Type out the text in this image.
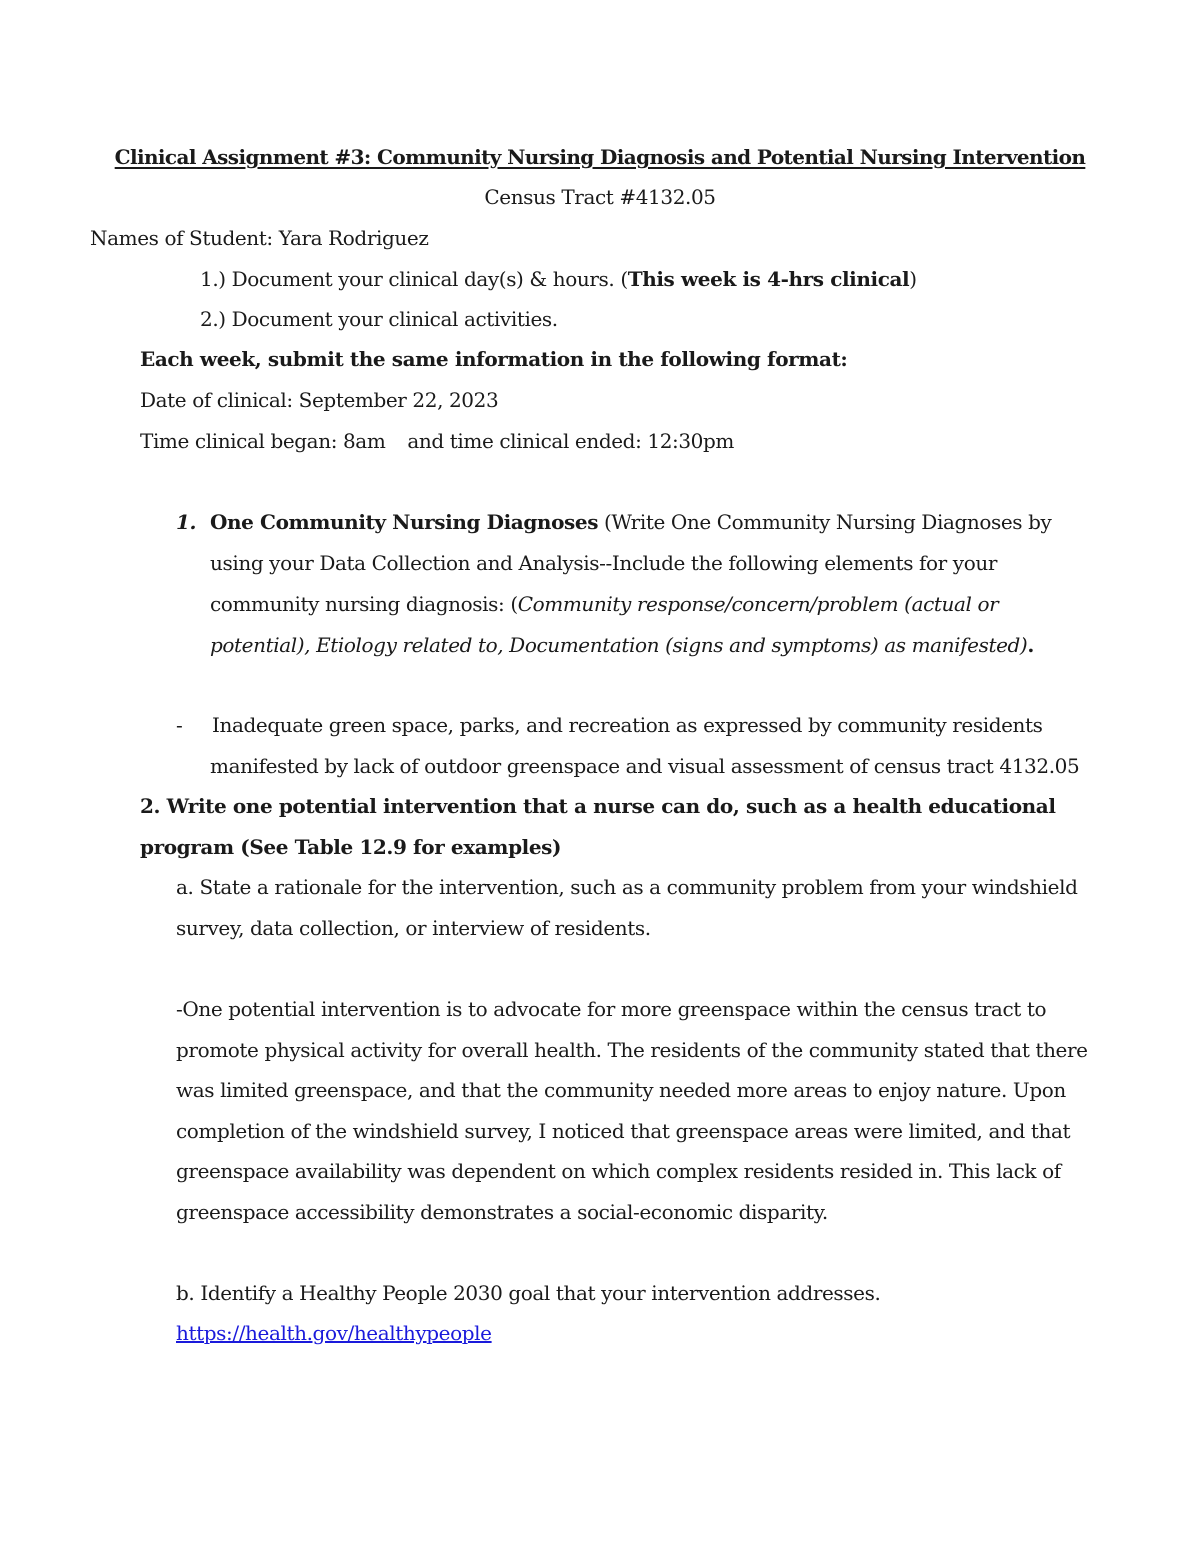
Clinical Assignment #3: Community Nursing Diagnosis and Potential Nursing Intervention
Census Tract #4132.05
Names of Student: Yara Rodriguez
1.) Document your clinical day(s) & hours. (This week is 4-hrs clinical)
2.) Document your clinical activities.
Each week, submit the same information in the following format:
Date of clinical: September 22, 2023
Time clinical began: 8am and time clinical ended: 12:30pm
1. One Community Nursing Diagnoses (Write One Community Nursing Diagnoses by
using your Data Collection and Analysis--Include the following elements for your
community nursing diagnosis: (Community response/concern/problem (actual or
potential), Etiology related to, Documentation (signs and symptoms) as manifested).
- Inadequate green space, parks, and recreation as expressed by community residents
manifested by lack of outdoor greenspace and visual assessment of census tract 4132.05
2. Write one potential intervention that a nurse can do, such as a health educational
program (See Table 12.9 for examples)
a. State a rationale for the intervention, such as a community problem from your windshield
survey, data collection, or interview of residents.
-One potential intervention is to advocate for more greenspace within the census tract to
promote physical activity for overall health. The residents of the community stated that there
was limited greenspace, and that the community needed more areas to enjoy nature. Upon
completion of the windshield survey, I noticed that greenspace areas were limited, and that
greenspace availability was dependent on which complex residents resided in. This lack of
greenspace accessibility demonstrates a social-economic disparity.
b. Identify a Healthy People 2030 goal that your intervention addresses.
https://health.gov/healthypeople
